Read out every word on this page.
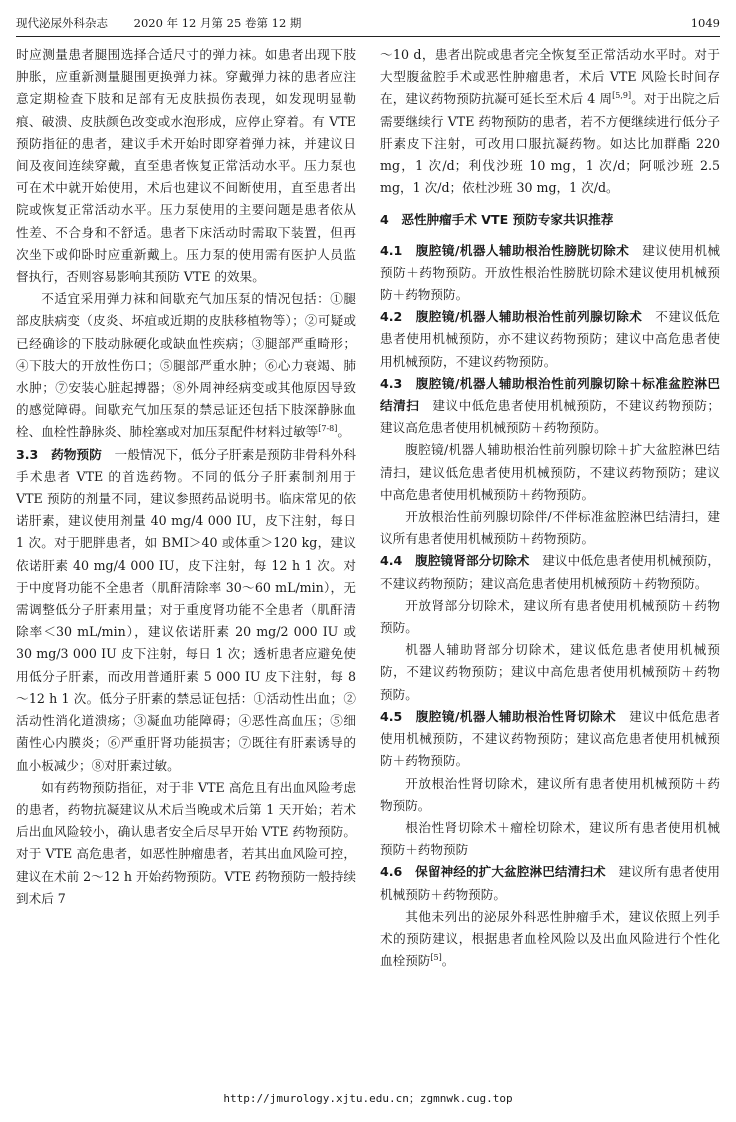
现代泌尿外科杂志 2020 年 12 月第 25 卷第 12 期	1049

时应测量患者腿围选择合适尺寸的弹力袜。如患者出现下肢肿胀，应重新测量腿围更换弹力袜。穿戴弹力袜的患者应注意定期检查下肢和足部有无皮肤损伤表现，如发现明显勒痕、破溃、皮肤颜色改变或水泡形成，应停止穿着。有 VTE 预防指征的患者，建议手术开始时即穿着弹力袜，并建议日间及夜间连续穿戴，直至患者恢复正常活动水平。压力泵也可在术中就开始使用，术后也建议不间断使用，直至患者出院或恢复正常活动水平。压力泵使用的主要问题是患者依从性差、不合身和不舒适。患者下床活动时需取下装置，但再次坐下或仰卧时应重新戴上。压力泵的使用需有医护人员监督执行，否则容易影响其预防 VTE 的效果。

不适宜采用弹力袜和间歇充气加压泵的情况包括：①腿部皮肤病变（皮炎、坏疽或近期的皮肤移植物等）；②可疑或已经确诊的下肢动脉硬化或缺血性疾病；③腿部严重畸形；④下肢大的开放性伤口；⑤腿部严重水肿；⑥心力衰竭、肺水肿；⑦安装心脏起搏器；⑧外周神经病变或其他原因导致的感觉障碍。间歇充气加压泵的禁忌证还包括下肢深静脉血栓、血栓性静脉炎、肺栓塞或对加压泵配件材料过敏等[7-8]。

3.3　药物预防　一般情况下，低分子肝素是预防非骨科外科手术患者 VTE 的首选药物。不同的低分子肝素制剂用于 VTE 预防的剂量不同，建议参照药品说明书。临床常见的依诺肝素，建议使用剂量 40 mg/4 000 IU，皮下注射，每日 1 次。对于肥胖患者，如 BMI＞40 或体重＞120 kg，建议依诺肝素 40 mg/4 000 IU，皮下注射，每 12 h 1 次。对于中度肾功能不全患者（肌酐清除率 30～60 mL/min），无需调整低分子肝素用量；对于重度肾功能不全患者（肌酐清除率＜30 mL/min），建议依诺肝素 20 mg/2 000 IU 或 30 mg/3 000 IU 皮下注射，每日 1 次；透析患者应避免使用低分子肝素，而改用普通肝素 5 000 IU 皮下注射，每 8～12 h 1 次。低分子肝素的禁忌证包括：①活动性出血；②活动性消化道溃疡；③凝血功能障碍；④恶性高血压；⑤细菌性心内膜炎；⑥严重肝肾功能损害；⑦既往有肝素诱导的血小板减少；⑧对肝素过敏。

如有药物预防指征，对于非 VTE 高危且有出血风险考虑的患者，药物抗凝建议从术后当晚或术后第 1 天开始；若术后出血风险较小，确认患者安全后尽早开始 VTE 药物预防。对于 VTE 高危患者，如恶性肿瘤患者，若其出血风险可控，建议在术前 2～12 h 开始药物预防。VTE 药物预防一般持续到术后 7

～10 d，患者出院或患者完全恢复至正常活动水平时。对于大型腹盆腔手术或恶性肿瘤患者，术后 VTE 风险长时间存在，建议药物预防抗凝可延长至术后 4 周[5,9]。对于出院之后需要继续行 VTE 药物预防的患者，若不方便继续进行低分子肝素皮下注射，可改用口服抗凝药物。如达比加群酯 220 mg，1 次/d；利伐沙班 10 mg，1 次/d；阿哌沙班 2.5 mg，1 次/d；依杜沙班 30 mg，1 次/d。

4　恶性肿瘤手术 VTE 预防专家共识推荐

4.1　腹腔镜/机器人辅助根治性膀胱切除术　建议使用机械预防＋药物预防。开放性根治性膀胱切除术建议使用机械预防＋药物预防。

4.2　腹腔镜/机器人辅助根治性前列腺切除术　不建议低危患者使用机械预防，亦不建议药物预防；建议中高危患者使用机械预防，不建议药物预防。

4.3　腹腔镜/机器人辅助根治性前列腺切除＋标准盆腔淋巴结清扫　建议中低危患者使用机械预防，不建议药物预防；建议高危患者使用机械预防＋药物预防。

腹腔镜/机器人辅助根治性前列腺切除＋扩大盆腔淋巴结清扫，建议低危患者使用机械预防，不建议药物预防；建议中高危患者使用机械预防＋药物预防。

开放根治性前列腺切除伴/不伴标准盆腔淋巴结清扫，建议所有患者使用机械预防＋药物预防。

4.4　腹腔镜肾部分切除术　建议中低危患者使用机械预防，不建议药物预防；建议高危患者使用机械预防＋药物预防。

开放肾部分切除术，建议所有患者使用机械预防＋药物预防。

机器人辅助肾部分切除术，建议低危患者使用机械预防，不建议药物预防；建议中高危患者使用机械预防＋药物预防。

4.5　腹腔镜/机器人辅助根治性肾切除术　建议中低危患者使用机械预防，不建议药物预防；建议高危患者使用机械预防＋药物预防。

开放根治性肾切除术，建议所有患者使用机械预防＋药物预防。

根治性肾切除术＋瘤栓切除术，建议所有患者使用机械预防＋药物预防

4.6　保留神经的扩大盆腔淋巴结清扫术　建议所有患者使用机械预防＋药物预防。

其他未列出的泌尿外科恶性肿瘤手术，建议依照上列手术的预防建议，根据患者血栓风险以及出血风险进行个性化血栓预防[5]。

http://jmurology.xjtu.edu.cn；zgmnwk.cug.top
